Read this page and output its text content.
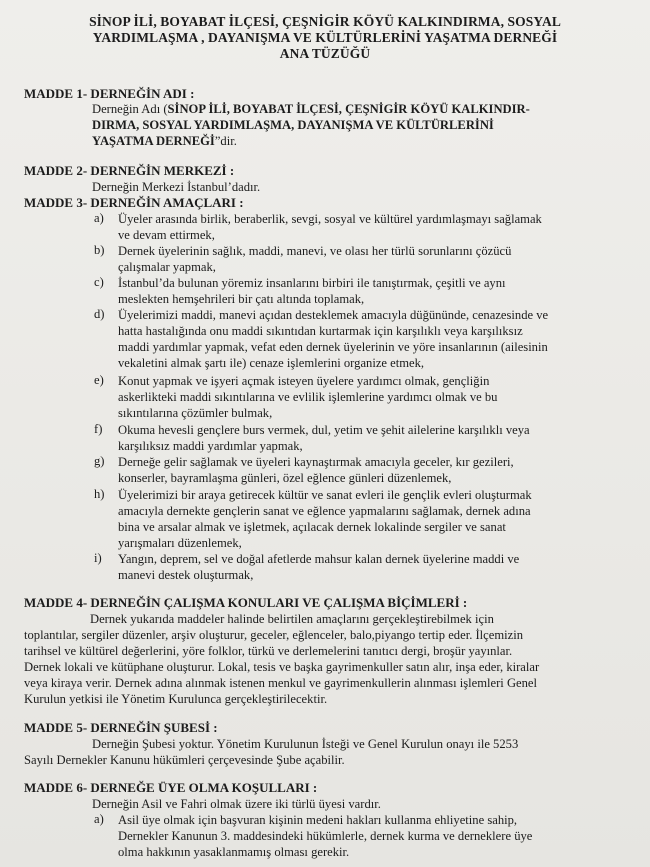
SİNOP İLİ, BOYABAT İLÇESİ, ÇEŞNİGİR KÖYÜ KALKINDIRMA, SOSYAL
YARDIMLAŞMA , DAYANIŞMA VE KÜLTÜRLERİNİ YAŞATMA DERNEĞİ
ANA TÜZÜĞÜ
MADDE 1- DERNEĞİN ADI :
Derneğin Adı (SİNOP İLİ, BOYABAT İLÇESİ, ÇEŞNİGİR KÖYÜ KALKINDIR-
DIRMA, SOSYAL YARDIMLAŞMA, DAYANIŞMA VE KÜLTÜRLERİNİ
YAŞATMA DERNEĞİ”dir.
MADDE 2- DERNEĞİN MERKEZİ :
Derneğin Merkezi İstanbul’dadır.
MADDE 3- DERNEĞİN AMAÇLARI :
a) Üyeler arasında birlik, beraberlik, sevgi, sosyal ve kültürel yardımlaşmayı sağlamak
ve devam ettirmek,
b) Dernek üyelerinin sağlık, maddi, manevi, ve olası her türlü sorunlarını çözücü
çalışmalar yapmak,
c) İstanbul’da bulunan yöremiz insanlarını birbiri ile tanıştırmak, çeşitli ve aynı
meslekten hemşehrileri bir çatı altında toplamak,
d) Üyelerimizi maddi, manevi açıdan desteklemek amacıyla düğününde, cenazesinde ve
hatta hastalığında onu maddi sıkıntıdan kurtarmak için karşılıklı veya karşılıksız
maddi yardımlar yapmak, vefat eden dernek üyelerinin ve yöre insanlarının (ailesinin
vekaletini almak şartı ile) cenaze işlemlerini organize etmek,
e) Konut yapmak ve işyeri açmak isteyen üyelere yardımcı olmak, gençliğin
askerlikteki maddi sıkıntılarına ve evlilik işlemlerine yardımcı olmak ve bu
sıkıntılarına çözümler bulmak,
f) Okuma hevesli gençlere burs vermek, dul, yetim ve şehit ailelerine karşılıklı veya
karşılıksız maddi yardımlar yapmak,
g) Derneğe gelir sağlamak ve üyeleri kaynaştırmak amacıyla geceler, kır gezileri,
konserler, bayramlaşma günleri, özel eğlence günleri düzenlemek,
h) Üyelerimizi bir araya getirecek kültür ve sanat evleri ile gençlik evleri oluşturmak
amacıyla dernekte gençlerin sanat ve eğlence yapmalarını sağlamak, dernek adına
bina ve arsalar almak ve işletmek, açılacak dernek lokalinde sergiler ve sanat
yarışmaları düzenlemek,
i) Yangın, deprem, sel ve doğal afetlerde mahsur kalan dernek üyelerine maddi ve
manevi destek oluşturmak,
MADDE 4- DERNEĞİN ÇALIŞMA KONULARI VE ÇALIŞMA BİÇİMLERİ :
Dernek yukarıda maddeler halinde belirtilen amaçlarını gerçekleştirebilmek için
toplantılar, sergiler düzenler, arşiv oluşturur, geceler, eğlenceler, balo,piyango tertip eder. İlçemizin
tarihsel ve kültürel değerlerini, yöre folklor, türkü ve derlemelerini tanıtıcı dergi, broşür yayınlar.
Dernek lokali ve kütüphane oluşturur. Lokal, tesis ve başka gayrimenkuller satın alır, inşa eder, kiralar
veya kiraya verir. Dernek adına alınmak istenen menkul ve gayrimenkullerin alınması işlemleri Genel
Kurulun yetkisi ile Yönetim Kurulunca gerçekleştirilecektir.
MADDE 5- DERNEĞİN ŞUBESİ :
Derneğin Şubesi yoktur. Yönetim Kurulunun İsteği ve Genel Kurulun onayı ile 5253
Sayılı Dernekler Kanunu hükümleri çerçevesinde Şube açabilir.
MADDE 6- DERNEĞE ÜYE OLMA KOŞULLARI :
Derneğin Asil ve Fahri olmak üzere iki türlü üyesi vardır.
a) Asil üye olmak için başvuran kişinin medeni hakları kullanma ehliyetine sahip,
Dernekler Kanunun 3. maddesindeki hükümlerle, dernek kurma ve derneklere üye
olma hakkının yasaklanmamış olması gerekir.
